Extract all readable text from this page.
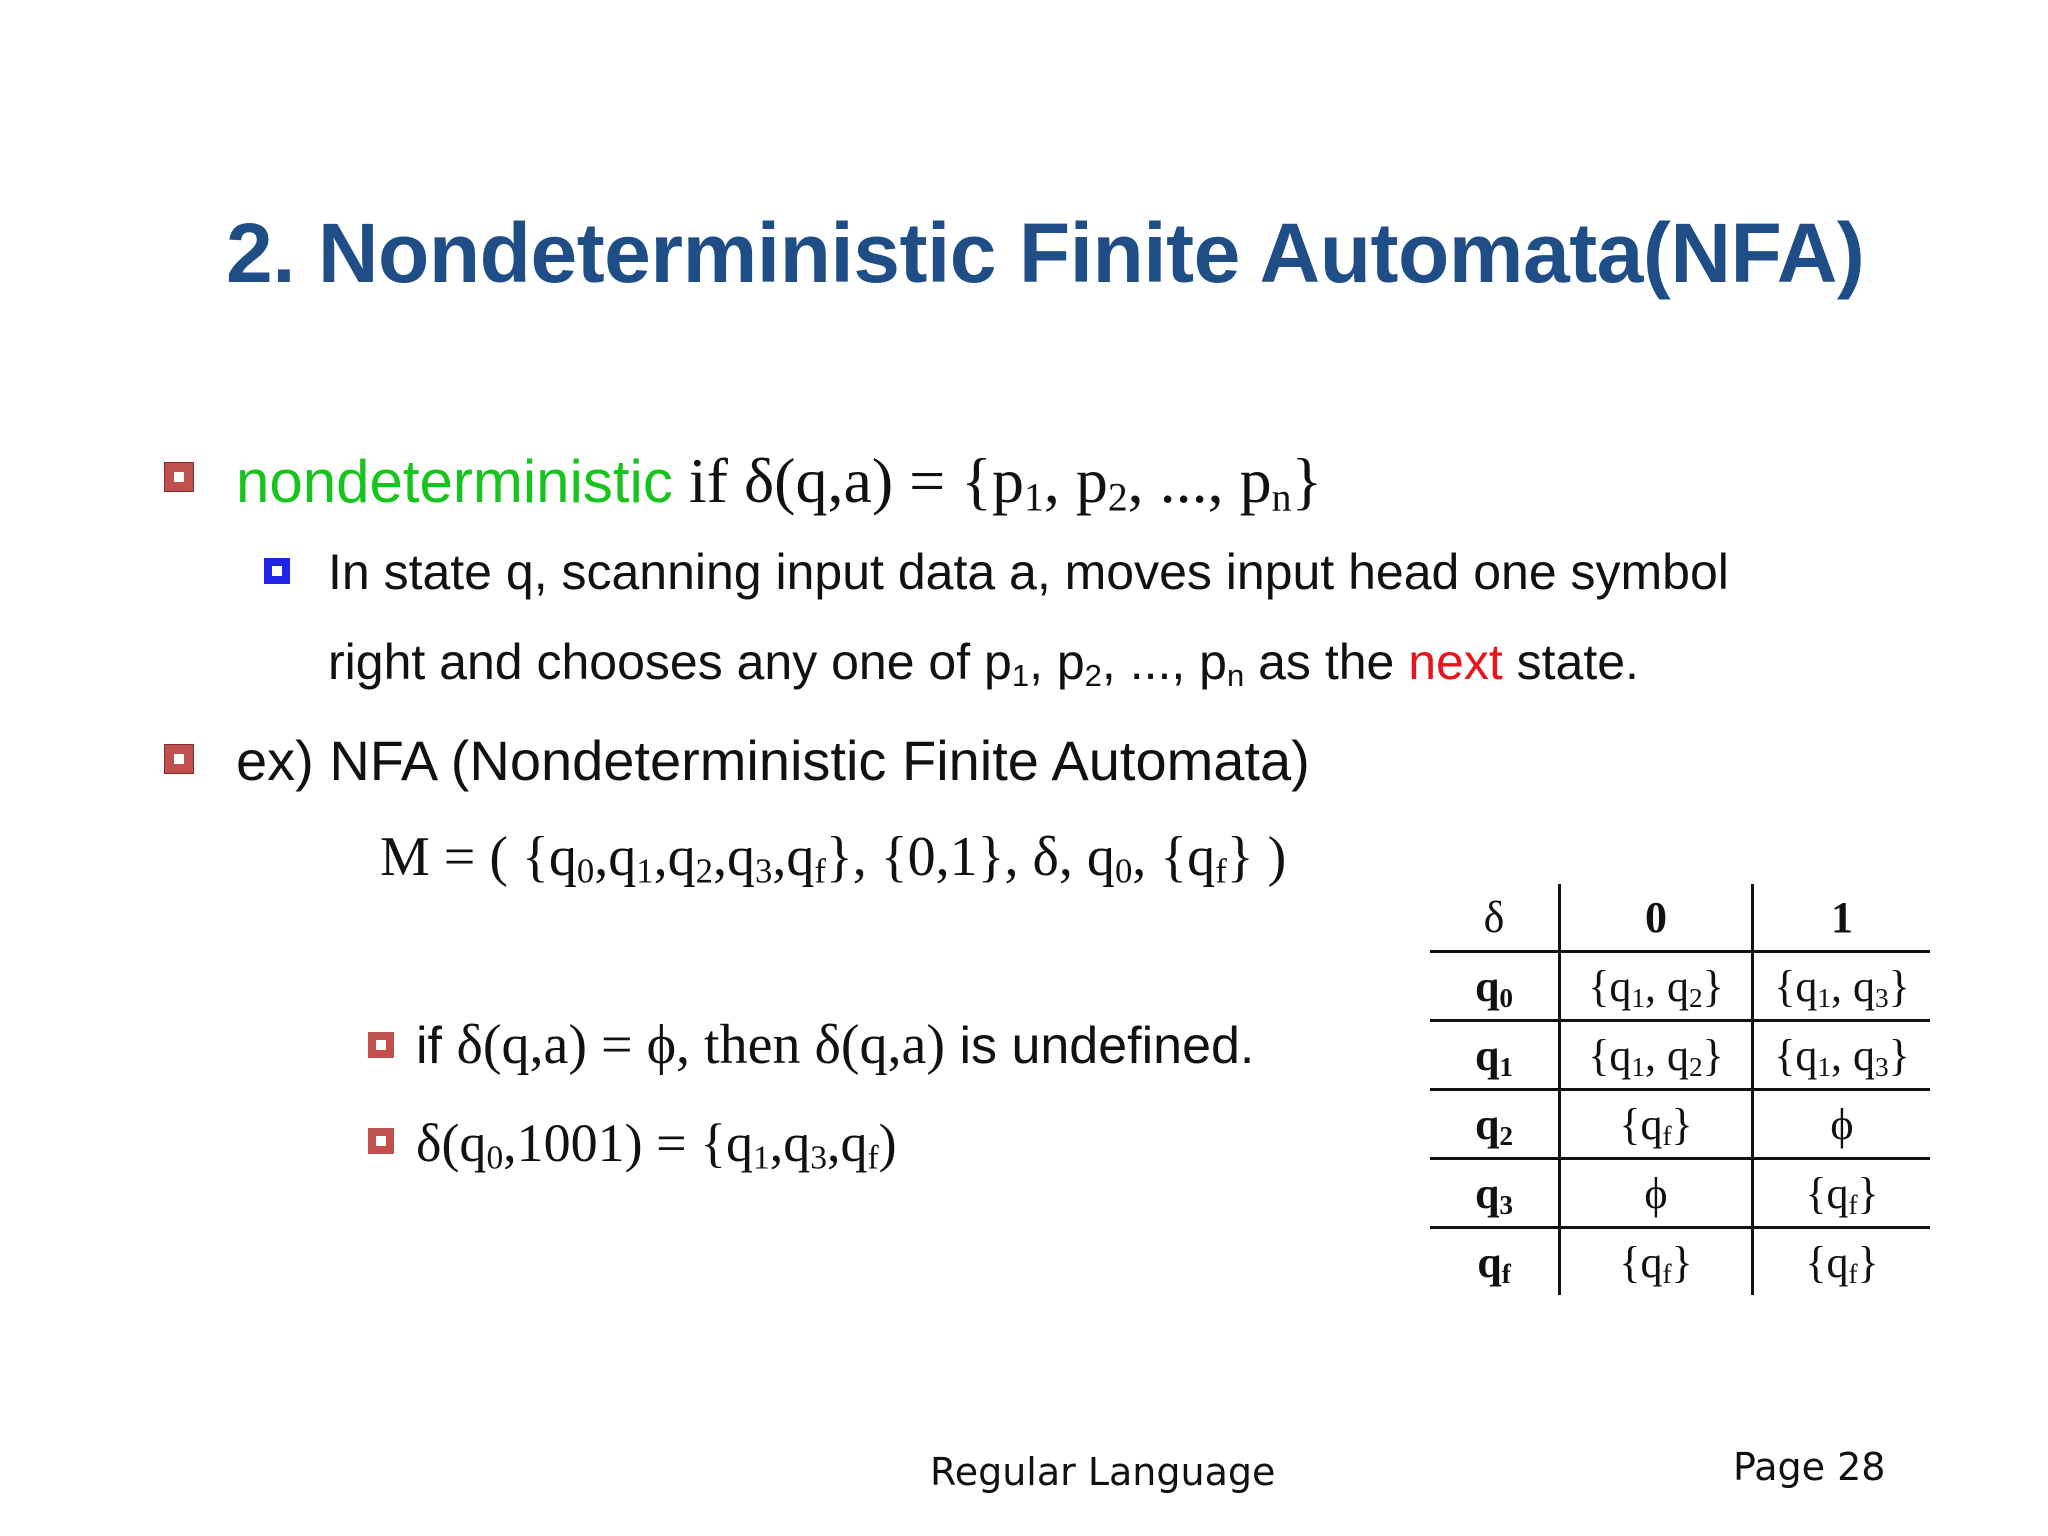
2. Nondeterministic Finite Automata(NFA)
nondeterministic if $\delta(q,a) = \{p_1$, $p_2$, ..., $p_n$}
In state q, scanning input data a, moves input head one symbol
right and chooses any one of $p_1$, $p_2$, ..., $p_n$ as the next state.
ex) NFA (Nondeterministic Finite Automata)
M = ( $\{q_0,q_1,q_2,q_3,q_f\}$, {0,1}, δ, $q_0$, $\{q_f\}$ )
if δ(q,a) = ϕ, then δ(q,a) is undefined.
$\delta(q_0,1001) = \{q_1,q_3,q_f)$
δ	0	1
$q_0$	{$q_1$, $q_2$}	{$q_1$, $q_3$}
$q_1$	{$q_1$, $q_2$}	{$q_1$, $q_3$}
$q_2$	$\{q_f\}$	ϕ
$q_3$	ϕ	$\{q_f\}$
$q_f$	$\{q_f\}$	$\{q_f\}$
Regular Language	Page 28
